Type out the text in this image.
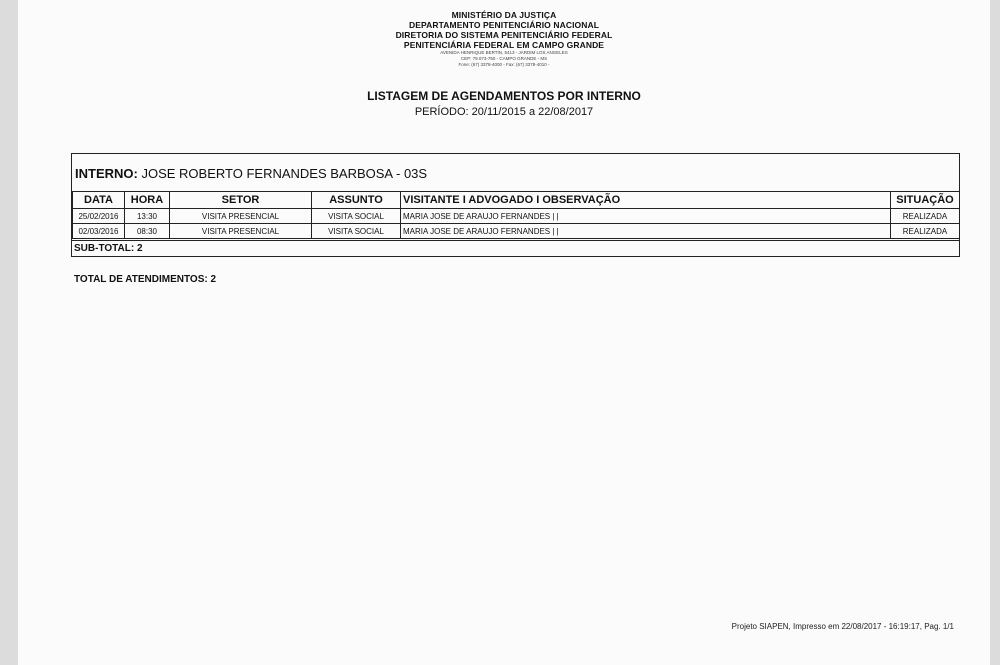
MINISTÉRIO DA JUSTIÇA
DEPARTAMENTO PENITENCIÁRIO NACIONAL
DIRETORIA DO SISTEMA PENITENCIÁRIO FEDERAL
PENITENCIÁRIA FEDERAL EM CAMPO GRANDE
AVENIDA HENRIQUE BERTIN, 5413 - JARDIM LOS ANGELES
CEP: 79.073-750 - CAMPO GRANDE - MS
Fone: (67) 3378-4000 - Fax: (67) 3378-4010 -
LISTAGEM DE AGENDAMENTOS POR INTERNO
PERÍODO: 20/11/2015 a 22/08/2017
INTERNO: JOSE ROBERTO FERNANDES BARBOSA - 03S
DATA	HORA	SETOR	ASSUNTO	VISITANTE I ADVOGADO I OBSERVAÇÃO	SITUAÇÃO
25/02/2016	13:30	VISITA PRESENCIAL	VISITA SOCIAL	MARIA JOSE DE ARAUJO FERNANDES | |	REALIZADA
02/03/2016	08:30	VISITA PRESENCIAL	VISITA SOCIAL	MARIA JOSE DE ARAUJO FERNANDES | |	REALIZADA
SUB-TOTAL: 2
TOTAL DE ATENDIMENTOS: 2
Projeto SIAPEN, Impresso em 22/08/2017 - 16:19:17, Pag. 1/1
